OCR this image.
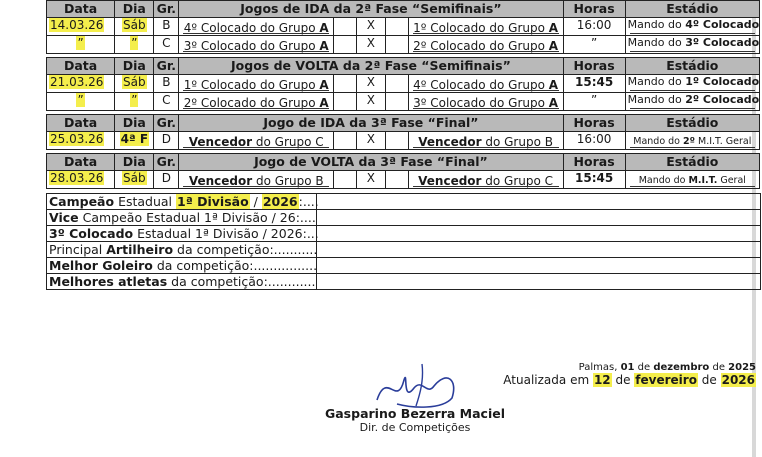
Data	Dia	Gr.	Jogos de IDA da 2ª Fase “Semifinais”					Horas	Estádio
14.03.26	Sáb	B	4º Colocado do Grupo A		X		1º Colocado do Grupo A	16:00	Mando do 4º Colocado
”	”	C	3º Colocado do Grupo A		X		2º Colocado do Grupo A	”	Mando do 3º Colocado

Data	Dia	Gr.	Jogos de VOLTA da 2ª Fase “Semifinais”					Horas	Estádio
21.03.26	Sáb	B	1º Colocado do Grupo A		X		4º Colocado do Grupo A	15:45	Mando do 1º Colocado
”	”	C	2º Colocado do Grupo A		X		3º Colocado do Grupo A	”	Mando do 2º Colocado

Data	Dia	Gr.	Jogo de IDA da 3ª Fase “Final”					Horas	Estádio
25.03.26	4ª F	D	Vencedor do Grupo C		X		Vencedor do Grupo B	16:00	Mando do 2º M.I.T. Geral

Data	Dia	Gr.	Jogo de VOLTA da 3ª Fase “Final”					Horas	Estádio
28.03.26	Sáb	D	Vencedor do Grupo B		X		Vencedor do Grupo C	15:45	Mando do M.I.T. Geral
Campeão Estadual 1ª Divisão / 2026:....	
Vice Campeão Estadual 1ª Divisão / 26:....	
3º Colocado Estadual 1ª Divisão / 2026:...	
Principal Artilheiro da competição:...........	
Melhor Goleiro da competição:................	
Melhores atletas da competição:............	
Palmas, 01 de dezembro de 2025
Atualizada em 12 de fevereiro de 2026
Gasparino Bezerra Maciel
Dir. de Competições
